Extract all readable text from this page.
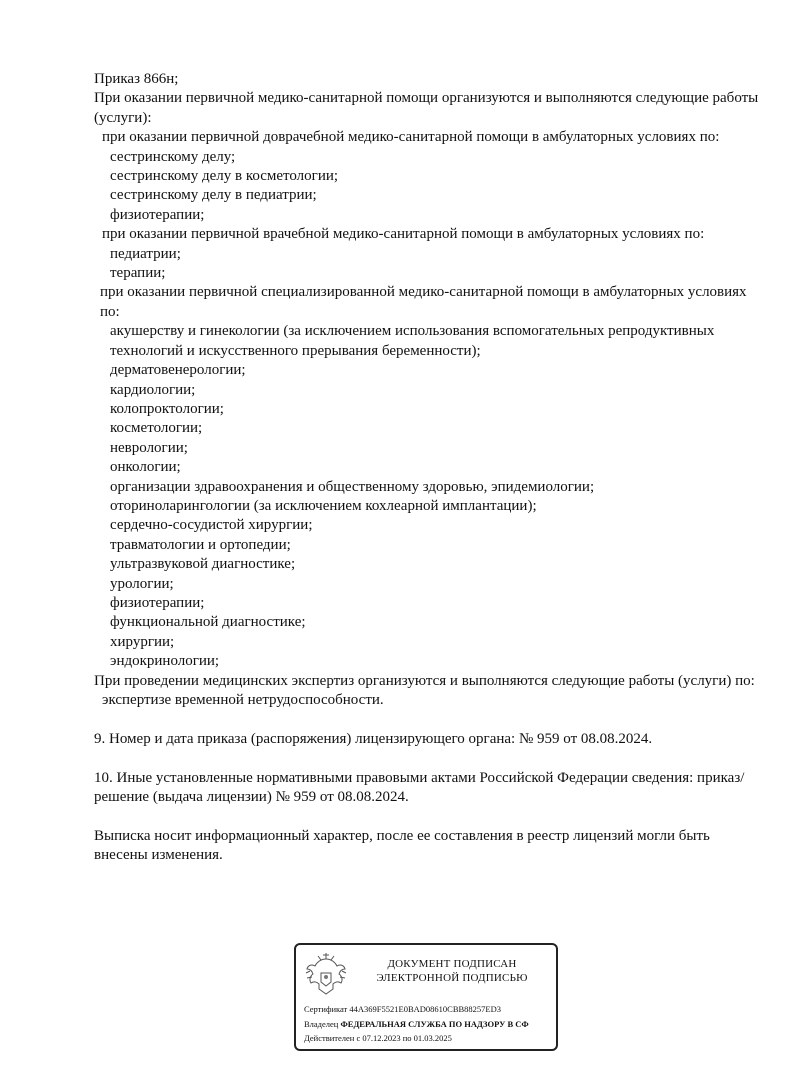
Приказ 866н;

При оказании первичной медико-санитарной помощи организуются и выполняются следующие работы (услуги):

при оказании первичной доврачебной медико-санитарной помощи в амбулаторных условиях по:

сестринскому делу;

сестринскому делу в косметологии;

сестринскому делу в педиатрии;

физиотерапии;

при оказании первичной врачебной медико-санитарной помощи в амбулаторных условиях по:

педиатрии;

терапии;

при оказании первичной специализированной медико-санитарной помощи в амбулаторных условиях по:

акушерству и гинекологии (за исключением использования вспомогательных репродуктивных технологий и искусственного прерывания беременности);

дерматовенерологии;

кардиологии;

колопроктологии;

косметологии;

неврологии;

онкологии;

организации здравоохранения и общественному здоровью, эпидемиологии;

оториноларингологии (за исключением кохлеарной имплантации);

сердечно-сосудистой хирургии;

травматологии и ортопедии;

ультразвуковой диагностике;

урологии;

физиотерапии;

функциональной диагностике;

хирургии;

эндокринологии;

При проведении медицинских экспертиз организуются и выполняются следующие работы (услуги) по:

экспертизе временной нетрудоспособности.

9. Номер и дата приказа (распоряжения) лицензирующего органа: № 959 от 08.08.2024.

10. Иные установленные нормативными правовыми актами Российской Федерации сведения: приказ/решение (выдача лицензии) № 959 от 08.08.2024.

Выписка носит информационный характер, после ее составления в реестр лицензий могли быть внесены изменения.

ДОКУМЕНТ ПОДПИСАН
ЭЛЕКТРОННОЙ ПОДПИСЬЮ
Сертификат 44A369F5521E0BAD08610CBB88257ED3
Владелец ФЕДЕРАЛЬНАЯ СЛУЖБА ПО НАДЗОРУ В СФ
Действителен с 07.12.2023 по 01.03.2025
